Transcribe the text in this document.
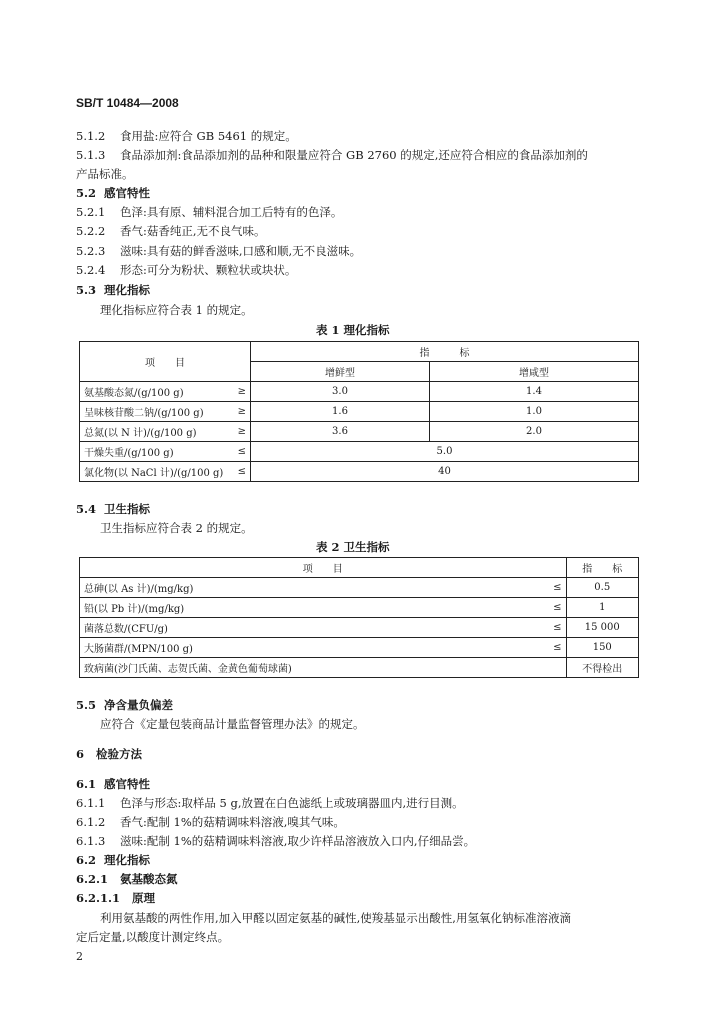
SB/T 10484—2008
5.1.2 食用盐:应符合 GB 5461 的规定。
5.1.3 食品添加剂:食品添加剂的品种和限量应符合 GB 2760 的规定,还应符合相应的食品添加剂的
产品标准。
5.2 感官特性
5.2.1 色泽:具有原、辅料混合加工后特有的色泽。
5.2.2 香气:菇香纯正,无不良气味。
5.2.3 滋味:具有菇的鲜香滋味,口感和顺,无不良滋味。
5.2.4 形态:可分为粉状、颗粒状或块状。
5.3 理化指标
理化指标应符合表 1 的规定。
表 1 理化指标
项　　目		指　　　标	
		增鲜型	增咸型
氨基酸态氮/(g/100 g)	≥	3.0	1.4
呈味核苷酸二钠/(g/100 g)	≥	1.6	1.0
总氮(以 N 计)/(g/100 g)	≥	3.6	2.0
干燥失重/(g/100 g)	≤	5.0	
氯化物(以 NaCl 计)/(g/100 g)	≤	40	
5.4 卫生指标
卫生指标应符合表 2 的规定。
表 2 卫生指标
项　　目		指　　标
总砷(以 As 计)/(mg/kg)	≤	0.5
铅(以 Pb 计)/(mg/kg)	≤	1
菌落总数/(CFU/g)	≤	15 000
大肠菌群/(MPN/100 g)	≤	150
致病菌(沙门氏菌、志贺氏菌、金黄色葡萄球菌)		不得检出
5.5 净含量负偏差
应符合《定量包装商品计量监督管理办法》的规定。
6 检验方法
6.1 感官特性
6.1.1 色泽与形态:取样品 5 g,放置在白色滤纸上或玻璃器皿内,进行目测。
6.1.2 香气:配制 1%的菇精调味料溶液,嗅其气味。
6.1.3 滋味:配制 1%的菇精调味料溶液,取少许样品溶液放入口内,仔细品尝。
6.2 理化指标
6.2.1 氨基酸态氮
6.2.1.1 原理
利用氨基酸的两性作用,加入甲醛以固定氨基的碱性,使羧基显示出酸性,用氢氧化钠标准溶液滴
定后定量,以酸度计测定终点。
2
